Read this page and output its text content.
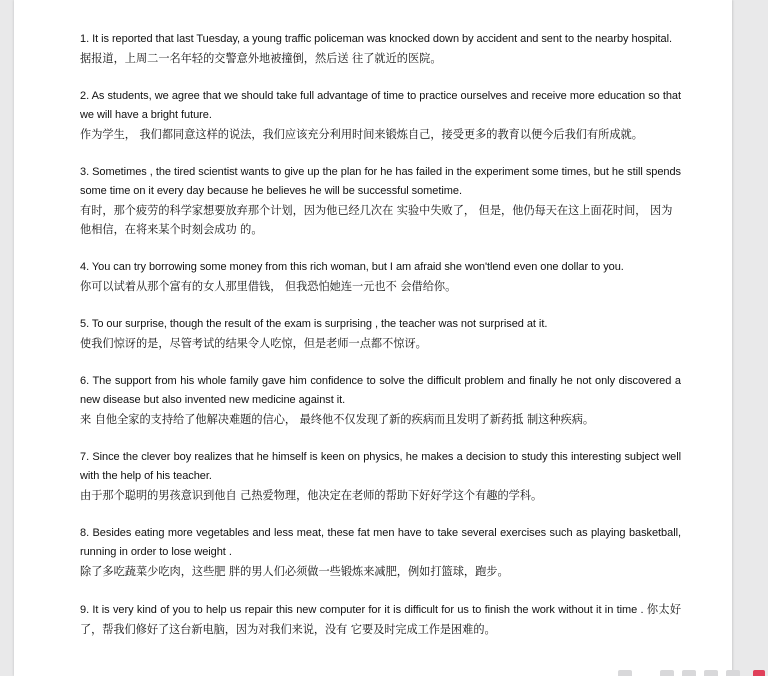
1. It is reported that last Tuesday, a young traffic policeman was knocked down by accident and sent to the nearby hospital.
据报道，上周二一名年轻的交警意外地被撞倒，然后送 往了就近的医院。
2. As students, we agree that we should take full advantage of time to practice ourselves and receive more education so that we will have a bright future.
作为学生， 我们都同意这样的说法，我们应该充分利用时间来锻炼自己，接受更多的教育以便今后我们有所成就。
3. Sometimes , the tired scientist wants to give up the plan for he has failed in the experiment some times, but he still spends some time on it every day because he believes he will be successful sometime.
有时，那个疲劳的科学家想要放弃那个计划，因为他已经几次在 实验中失败了， 但是，他仍每天在这上面花时间， 因为他相信，在将来某个时刻会成功 的。
4. You can try borrowing some money from this rich woman, but I am afraid she won'tlend even one dollar to you.
你可以试着从那个富有的女人那里借钱， 但我恐怕她连一元也不 会借给你。
5. To our surprise, though the result of the exam is surprising , the teacher was not surprised at it.
使我们惊讶的是，尽管考试的结果令人吃惊，但是老师一点都不惊讶。
6. The support from his whole family gave him confidence to solve the difficult problem and finally he not only discovered a new disease but also invented new medicine against it.
来 自他全家的支持给了他解决难题的信心， 最终他不仅发现了新的疾病而且发明了新药抵 制这种疾病。
7. Since the clever boy realizes that he himself is keen on physics, he makes a decision to study this interesting subject well with the help of his teacher.
由于那个聪明的男孩意识到他自 己热爱物理，他决定在老师的帮助下好好学这个有趣的学科。
8. Besides eating more vegetables and less meat, these fat men have to take several exercises such as playing basketball, running in order to lose weight .
除了多吃蔬菜少吃肉，这些肥 胖的男人们必须做一些锻炼来减肥，例如打篮球，跑步。
9. It is very kind of you to help us repair this new computer for it is difficult for us to finish the work without it in time . 你太好了，帮我们修好了这台新电脑，因为对我们来说，没有 它要及时完成工作是困难的。
